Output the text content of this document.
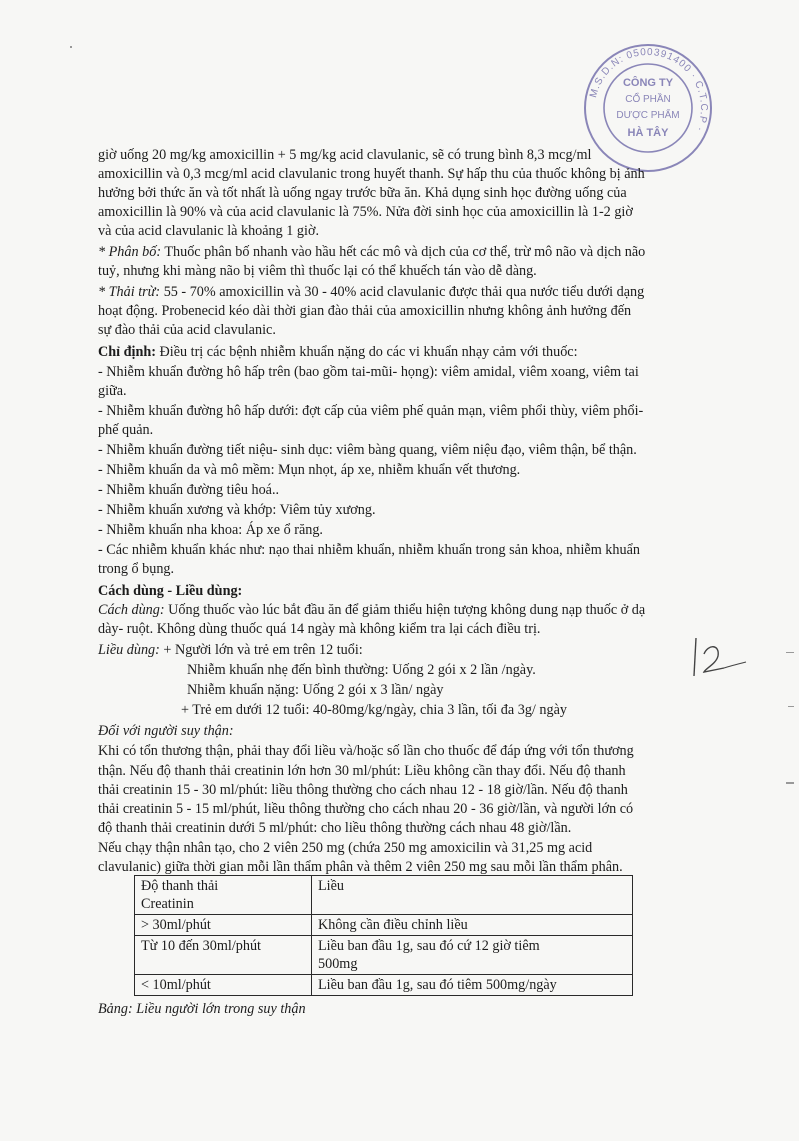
M.S.D.N: 0500391400 · C.T.C.P ·
CÔNG TY
CỔ PHẦN
DƯỢC PHẨM
HÀ TÂY
giờ uống 20 mg/kg amoxicillin + 5 mg/kg acid clavulanic, sẽ có trung bình 8,3 mcg/ml
amoxicillin và 0,3 mcg/ml acid clavulanic trong huyết thanh. Sự hấp thu của thuốc không bị ảnh
hưởng bởi thức ăn và tốt nhất là uống ngay trước bữa ăn. Khả dụng sinh học đường uống của
amoxicillin là 90% và của acid clavulanic là 75%. Nửa đời sinh học của amoxicillin là 1-2 giờ
và của acid clavulanic là khoảng 1 giờ.
* Phân bố: Thuốc phân bố nhanh vào hầu hết các mô và dịch của cơ thể, trừ mô não và dịch não
tuỷ, nhưng khi màng não bị viêm thì thuốc lại có thể khuếch tán vào dễ dàng.
* Thải trừ: 55 - 70% amoxicillin và 30 - 40% acid clavulanic được thải qua nước tiểu dưới dạng
hoạt động. Probenecid kéo dài thời gian đào thải của amoxicillin nhưng không ảnh hưởng đến
sự đào thải của acid clavulanic.
Chỉ định: Điều trị các bệnh nhiễm khuẩn nặng do các vi khuẩn nhạy cảm với thuốc:
- Nhiễm khuẩn đường hô hấp trên (bao gồm tai-mũi- họng): viêm amidal, viêm xoang, viêm tai
giữa.
- Nhiễm khuẩn đường hô hấp dưới: đợt cấp của viêm phế quản mạn, viêm phổi thùy, viêm phổi-
phế quản.
- Nhiễm khuẩn đường tiết niệu- sinh dục: viêm bàng quang, viêm niệu đạo, viêm thận, bể thận.
- Nhiễm khuẩn da và mô mềm: Mụn nhọt, áp xe, nhiễm khuẩn vết thương.
- Nhiễm khuẩn đường tiêu hoá..
- Nhiễm khuẩn xương và khớp: Viêm tủy xương.
- Nhiễm khuẩn nha khoa: Áp xe ổ răng.
- Các nhiễm khuẩn khác như: nạo thai nhiễm khuẩn, nhiễm khuẩn trong sản khoa, nhiễm khuẩn
trong ổ bụng.
Cách dùng - Liều dùng:
Cách dùng: Uống thuốc vào lúc bắt đầu ăn để giảm thiểu hiện tượng không dung nạp thuốc ở dạ
dày- ruột. Không dùng thuốc quá 14 ngày mà không kiểm tra lại cách điều trị.
Liều dùng: + Người lớn và trẻ em trên 12 tuổi:
Nhiễm khuẩn nhẹ đến bình thường: Uống 2 gói x 2 lần /ngày.
Nhiễm khuẩn nặng: Uống 2 gói x 3 lần/ ngày
+ Trẻ em dưới 12 tuổi: 40-80mg/kg/ngày, chia 3 lần, tối đa 3g/ ngày
Đối với người suy thận:
Khi có tổn thương thận, phải thay đổi liều và/hoặc số lần cho thuốc để đáp ứng với tổn thương
thận. Nếu độ thanh thải creatinin lớn hơn 30 ml/phút: Liều không cần thay đổi. Nếu độ thanh
thải creatinin 15 - 30 ml/phút: liều thông thường cho cách nhau 12 - 18 giờ/lần. Nếu độ thanh
thải creatinin 5 - 15 ml/phút, liều thông thường cho cách nhau 20 - 36 giờ/lần, và người lớn có
độ thanh thải creatinin dưới 5 ml/phút: cho liều thông thường cách nhau 48 giờ/lần.
Nếu chạy thận nhân tạo, cho 2 viên 250 mg (chứa 250 mg amoxicilin và 31,25 mg acid
clavulanic) giữa thời gian mỗi lần thẩm phân và thêm 2 viên 250 mg sau mỗi lần thẩm phân.
Độ thanh thải
Creatinin	Liều
> 30ml/phút	Không cần điều chỉnh liều

Từ 10 đến 30ml/phút	Liều ban đầu 1g, sau đó cứ 12 giờ tiêm
500mg

< 10ml/phút	Liều ban đầu 1g, sau đó tiêm 500mg/ngày
Bảng: Liều người lớn trong suy thận
